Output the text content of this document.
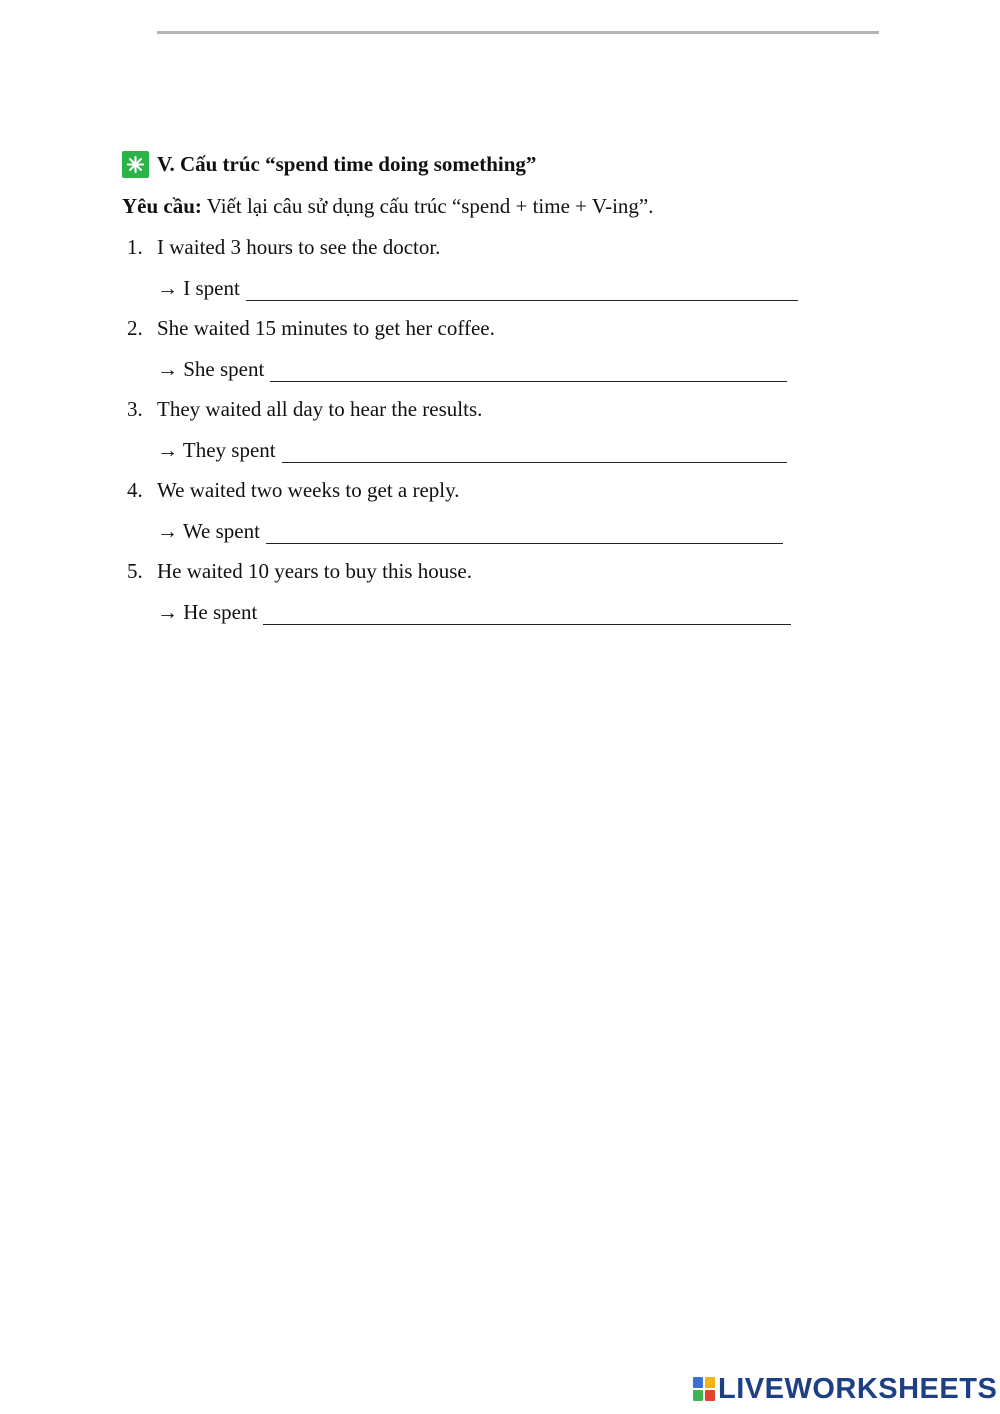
V. Cấu trúc “spend time doing something”
Yêu cầu: Viết lại câu sử dụng cấu trúc “spend + time + V-ing”.
1. I waited 3 hours to see the doctor.
→ I spent
2. She waited 15 minutes to get her coffee.
→ She spent
3. They waited all day to hear the results.
→ They spent
4. We waited two weeks to get a reply.
→ We spent
5. He waited 10 years to buy this house.
→ He spent
LIVEWORKSHEETS
